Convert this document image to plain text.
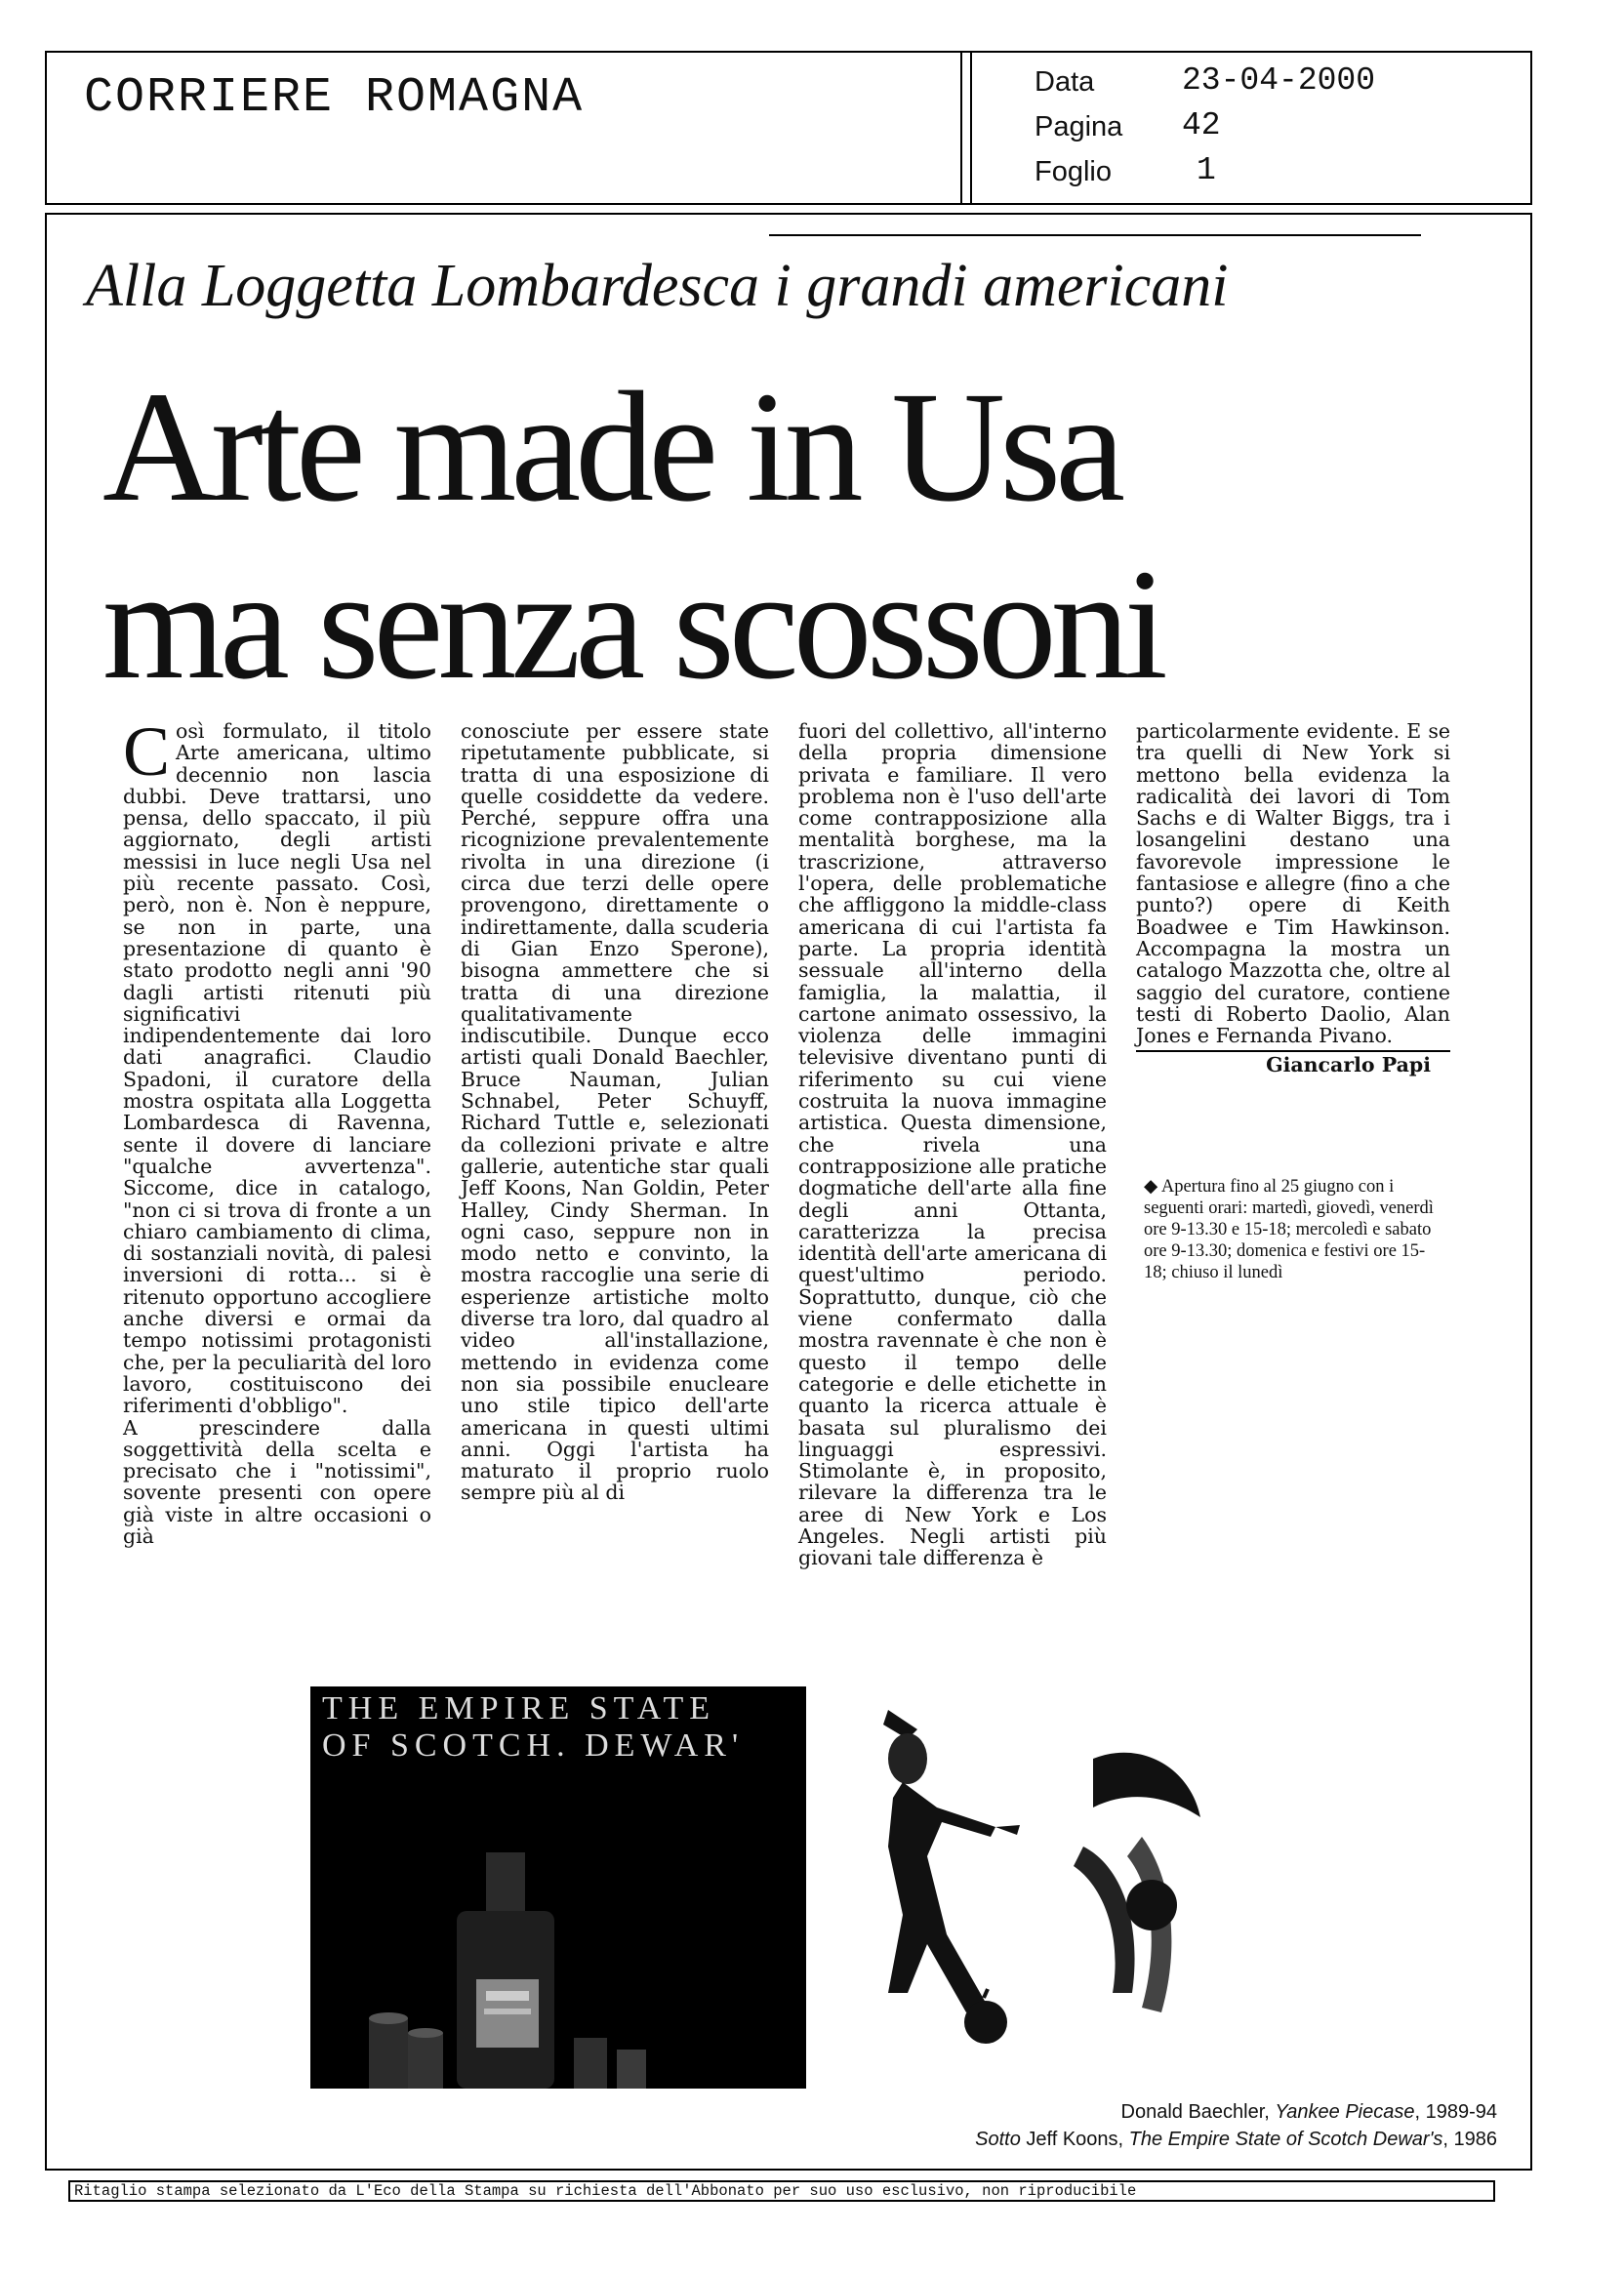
CORRIERE ROMAGNA	Data	23-04-2000
Pagina 42
Foglio	1
Alla Loggetta Lombardesca i grandi americani
Arte made in Usa
ma senza scossoni
C osì formulato, il titolo Arte americana, ultimo decennio non lascia dubbi. Deve trattarsi, uno pensa, dello spaccato, il più aggiornato, degli artisti messisi in luce negli Usa nel più recente passato. Così, però, non è. Non è neppure, se non in parte, una presentazione di quanto è stato prodotto negli anni '90 dagli artisti ritenuti più significativi indipendentemente dai loro dati anagrafici. Claudio Spadoni, il curatore della mostra ospitata alla Loggetta Lombardesca di Ravenna, sente il dovere di lanciare "qualche avvertenza". Siccome, dice in catalogo, "non ci si trova di fronte a un chiaro cambiamento di clima, di sostanziali novità, di palesi inversioni di rotta... si è ritenuto opportuno accogliere anche diversi e ormai da tempo notissimi protagonisti che, per la peculiarità del loro lavoro, costituiscono dei riferimenti d'obbligo".

A prescindere dalla soggettività della scelta e precisato che i "notissimi", sovente presenti con opere già viste in altre occasioni o già

conosciute per essere state ripetutamente pubblicate, si tratta di una esposizione di quelle cosiddette da vedere. Perché, seppure offra una ricognizione prevalentemente rivolta in una direzione (i circa due terzi delle opere provengono, direttamente o indirettamente, dalla scuderia di Gian Enzo Sperone), bisogna ammettere che si tratta di una direzione qualitativamente indiscutibile. Dunque ecco artisti quali Donald Baechler, Bruce Nauman, Julian Schnabel, Peter Schuyff, Richard Tuttle e, selezionati da collezioni private e altre gallerie, autentiche star quali Jeff Koons, Nan Goldin, Peter Halley, Cindy Sherman. In ogni caso, seppure non in modo netto e convinto, la mostra raccoglie una serie di esperienze artistiche molto diverse tra loro, dal quadro al video all'installazione, mettendo in evidenza come non sia possibile enucleare uno stile tipico dell'arte americana in questi ultimi anni. Oggi l'artista ha maturato il proprio ruolo sempre più al di

fuori del collettivo, all'interno della propria dimensione privata e familiare. Il vero problema non è l'uso dell'arte come contrapposizione alla mentalità borghese, ma la trascrizione, attraverso l'opera, delle problematiche che affliggono la middle-class americana di cui l'artista fa parte. La propria identità sessuale all'interno della famiglia, la malattia, il cartone animato ossessivo, la violenza delle immagini televisive diventano punti di riferimento su cui viene costruita la nuova immagine artistica. Questa dimensione, che rivela una contrapposizione alle pratiche dogmatiche dell'arte alla fine degli anni Ottanta, caratterizza la precisa identità dell'arte americana di quest'ultimo periodo. Soprattutto, dunque, ciò che viene confermato dalla mostra ravennate è che non è questo il tempo delle categorie e delle etichette in quanto la ricerca attuale è basata sul pluralismo dei linguaggi espressivi. Stimolante è, in proposito, rilevare la differenza tra le aree di New York e Los Angeles. Negli artisti più giovani tale differenza è

particolarmente evidente. E se tra quelli di New York si mettono bella evidenza la radicalità dei lavori di Tom Sachs e di Walter Biggs, tra i losangelini destano una favorevole impressione le fantasiose e allegre (fino a che punto?) opere di Keith Boadwee e Tim Hawkinson. Accompagna la mostra un catalogo Mazzotta che, oltre al saggio del curatore, contiene testi di Roberto Daolio, Alan Jones e Fernanda Pivano.

Giancarlo Papi
◆ Apertura fino al 25 giugno con i seguenti orari: martedì, giovedì, venerdì ore 9-13.30 e 15-18; mercoledì e sabato ore 9-13.30; domenica e festivi ore 15-18; chiuso il lunedì
THE EMPIRE STATE
OF SCOTCH. DEWAR'
Donald Baechler, Yankee Piecase, 1989-94
Sotto Jeff Koons, The Empire State of Scotch Dewar's, 1986
Ritaglio stampa selezionato da L'Eco della Stampa su richiesta dell'Abbonato per suo uso esclusivo, non riproducibile
